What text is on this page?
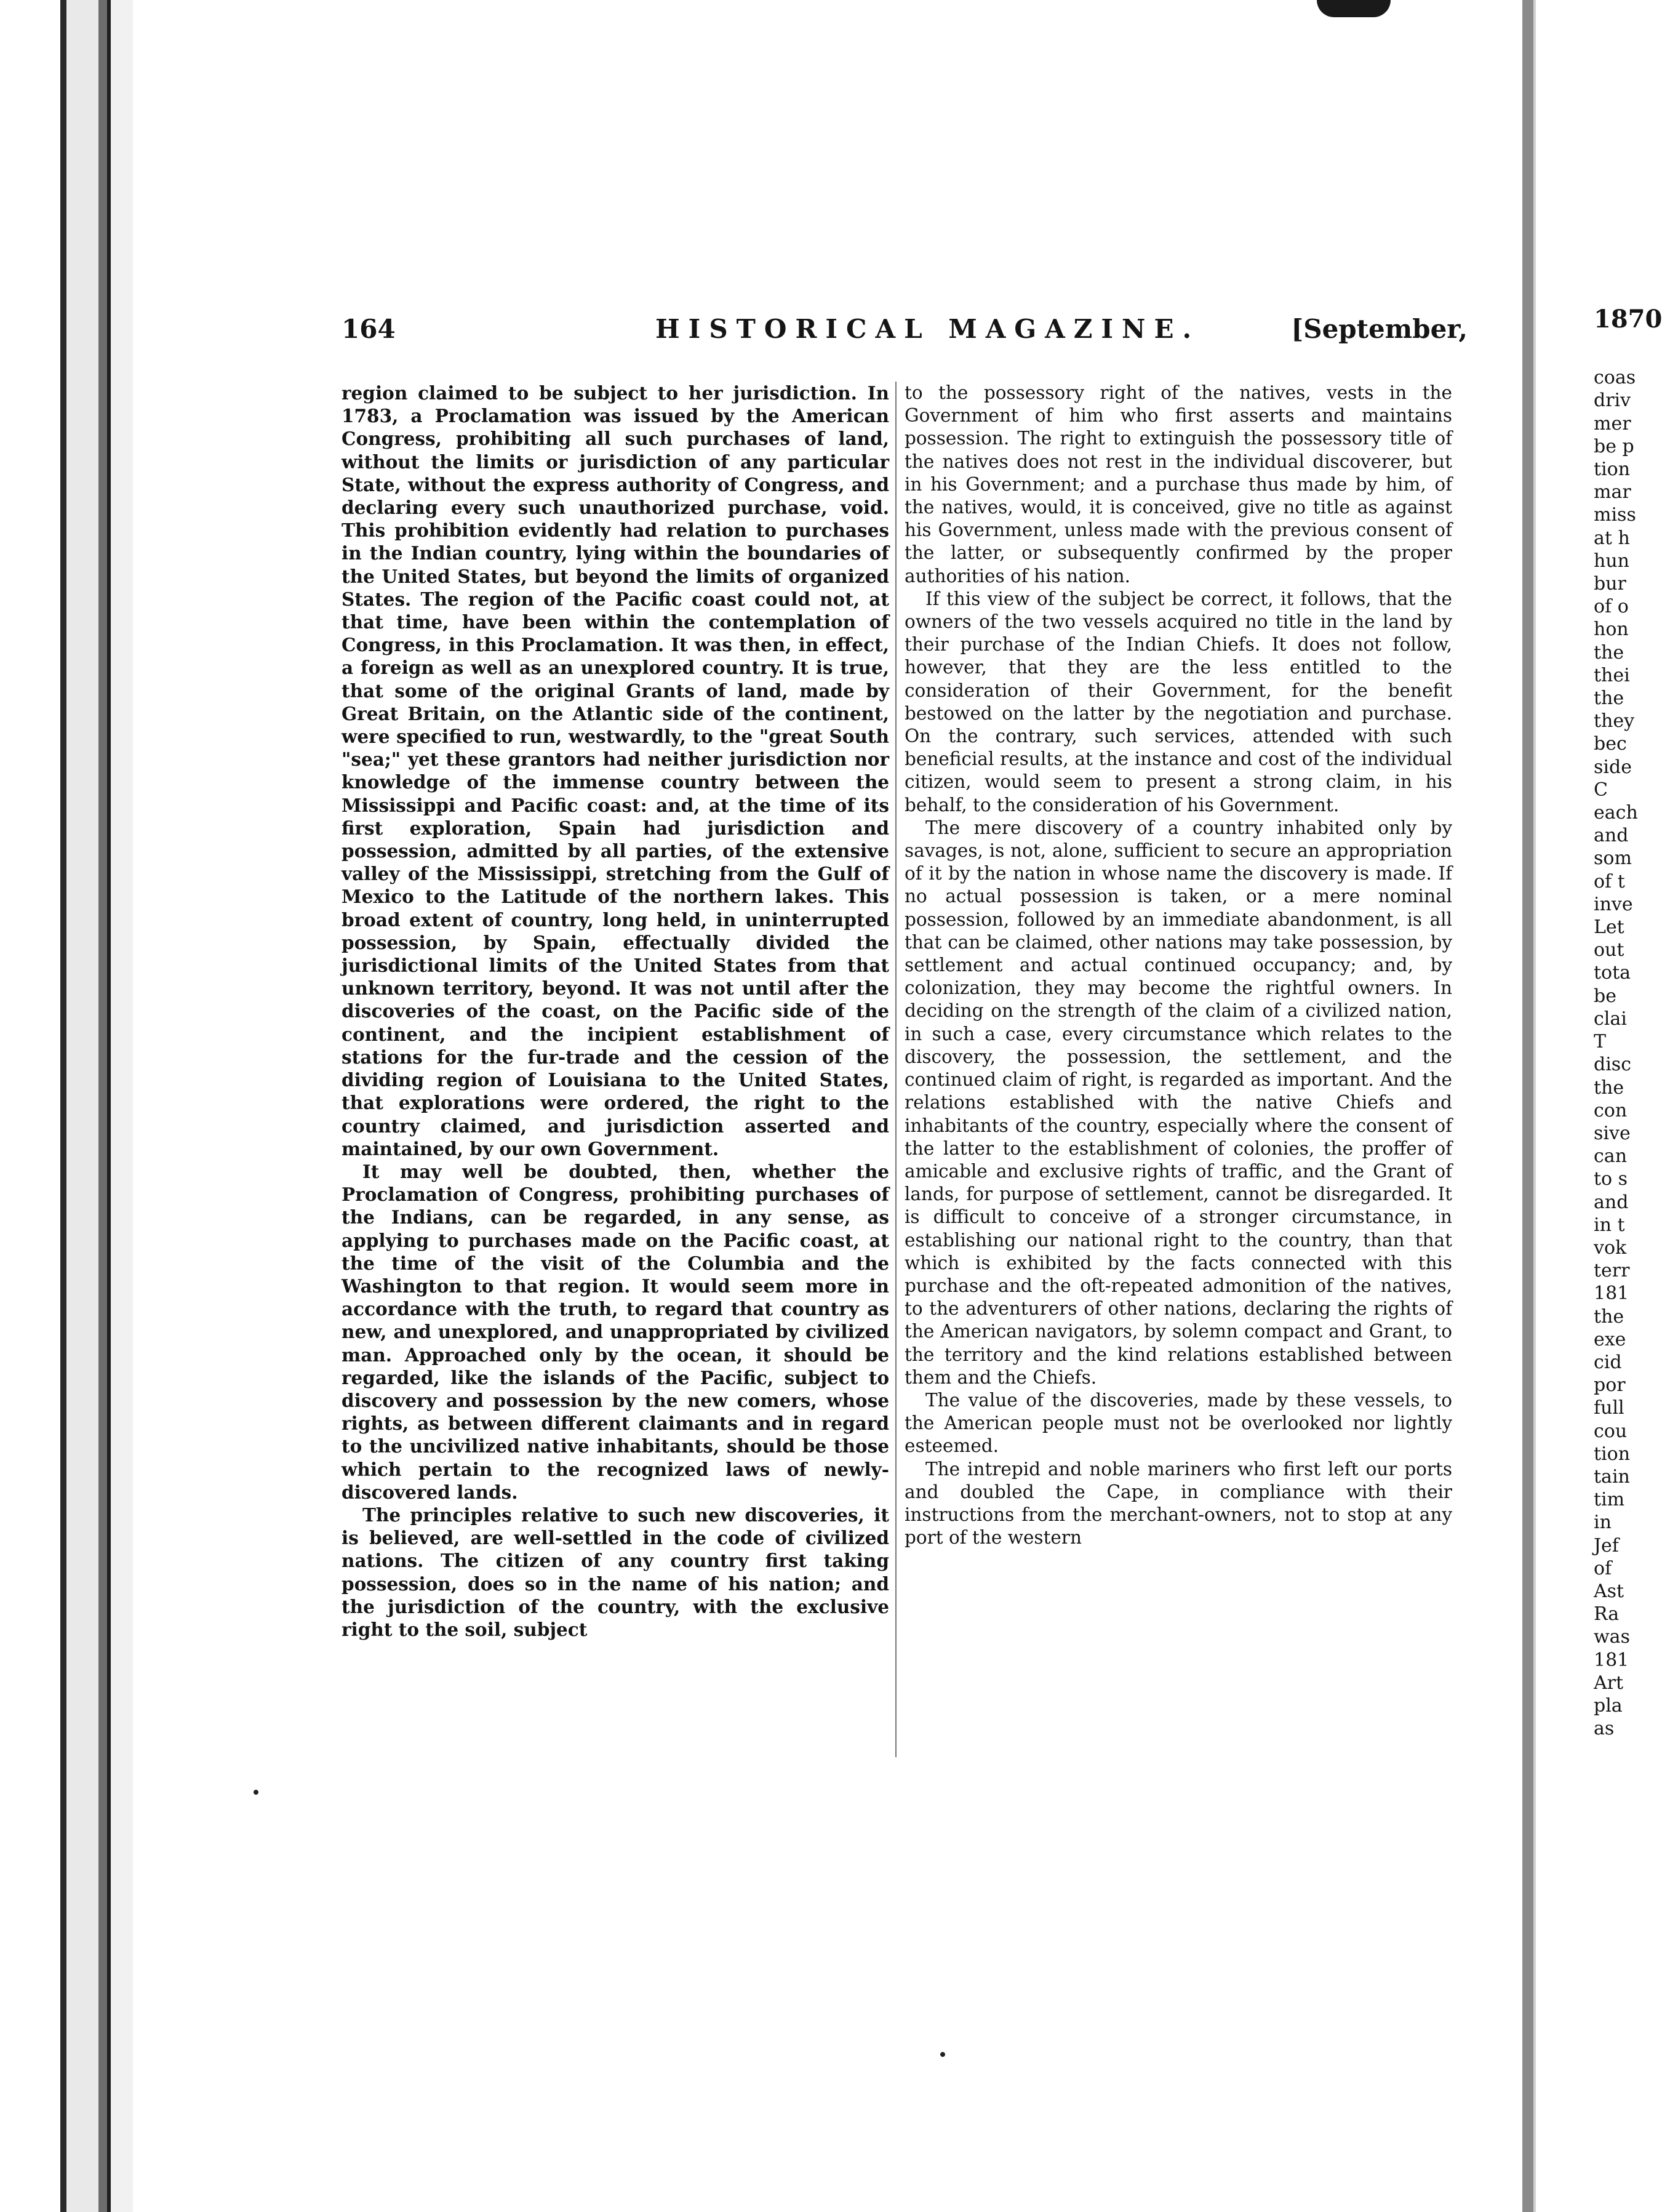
164	HISTORICAL MAGAZINE.	[September,

region claimed to be subject to her jurisdiction. In 1783, a Proclamation was issued by the American Congress, prohibiting all such purchases of land, without the limits or jurisdiction of any particular State, without the express authority of Congress, and declaring every such unauthorized purchase, void. This prohibition evidently had relation to purchases in the Indian country, lying within the boundaries of the United States, but beyond the limits of organized States. The region of the Pacific coast could not, at that time, have been within the contemplation of Congress, in this Proclamation. It was then, in effect, a foreign as well as an unexplored country. It is true, that some of the original Grants of land, made by Great Britain, on the Atlantic side of the continent, were specified to run, westwardly, to the "great South "sea;" yet these grantors had neither jurisdiction nor knowledge of the immense country between the Mississippi and Pacific coast: and, at the time of its first exploration, Spain had jurisdiction and possession, admitted by all parties, of the extensive valley of the Mississippi, stretching from the Gulf of Mexico to the Latitude of the northern lakes. This broad extent of country, long held, in uninterrupted possession, by Spain, effectually divided the jurisdictional limits of the United States from that unknown territory, beyond. It was not until after the discoveries of the coast, on the Pacific side of the continent, and the incipient establishment of stations for the fur-trade and the cession of the dividing region of Louisiana to the United States, that explorations were ordered, the right to the country claimed, and jurisdiction asserted and maintained, by our own Government.

It may well be doubted, then, whether the Proclamation of Congress, prohibiting purchases of the Indians, can be regarded, in any sense, as applying to purchases made on the Pacific coast, at the time of the visit of the Columbia and the Washington to that region. It would seem more in accordance with the truth, to regard that country as new, and unexplored, and unappropriated by civilized man. Approached only by the ocean, it should be regarded, like the islands of the Pacific, subject to discovery and possession by the new comers, whose rights, as between different claimants and in regard to the uncivilized native inhabitants, should be those which pertain to the recognized laws of newly-discovered lands.

The principles relative to such new discoveries, it is believed, are well-settled in the code of civilized nations. The citizen of any country first taking possession, does so in the name of his nation; and the jurisdiction of the country, with the exclusive right to the soil, subject

to the possessory right of the natives, vests in the Government of him who first asserts and maintains possession. The right to extinguish the possessory title of the natives does not rest in the individual discoverer, but in his Government; and a purchase thus made by him, of the natives, would, it is conceived, give no title as against his Government, unless made with the previous consent of the latter, or subsequently confirmed by the proper authorities of his nation.

If this view of the subject be correct, it follows, that the owners of the two vessels acquired no title in the land by their purchase of the Indian Chiefs. It does not follow, however, that they are the less entitled to the consideration of their Government, for the benefit bestowed on the latter by the negotiation and purchase. On the contrary, such services, attended with such beneficial results, at the instance and cost of the individual citizen, would seem to present a strong claim, in his behalf, to the consideration of his Government.

The mere discovery of a country inhabited only by savages, is not, alone, sufficient to secure an appropriation of it by the nation in whose name the discovery is made. If no actual possession is taken, or a mere nominal possession, followed by an immediate abandonment, is all that can be claimed, other nations may take possession, by settlement and actual continued occupancy; and, by colonization, they may become the rightful owners. In deciding on the strength of the claim of a civilized nation, in such a case, every circumstance which relates to the discovery, the possession, the settlement, and the continued claim of right, is regarded as important. And the relations established with the native Chiefs and inhabitants of the country, especially where the consent of the latter to the establishment of colonies, the proffer of amicable and exclusive rights of traffic, and the Grant of lands, for purpose of settlement, cannot be disregarded. It is difficult to conceive of a stronger circumstance, in establishing our national right to the country, than that which is exhibited by the facts connected with this purchase and the oft-repeated admonition of the natives, to the adventurers of other nations, declaring the rights of the American navigators, by solemn compact and Grant, to the territory and the kind relations established between them and the Chiefs.

The value of the discoveries, made by these vessels, to the American people must not be overlooked nor lightly esteemed.

The intrepid and noble mariners who first left our ports and doubled the Cape, in compliance with their instructions from the merchant-owners, not to stop at any port of the western

1870
coas
driv
mer
be p
tion
mar
miss
at h
hun
bur
of o
hon
the
thei
the
they
bec
side
C
each
and
som
of t
inve
Let
out
tota
be
clai
T
disc
the
con
sive
can
to s
and
in t
vok
terr
181
the
exe
cid
por
full
cou
tion
tain
tim
in
Jef
of
Ast
Ra
was
181
Art
pla
as
